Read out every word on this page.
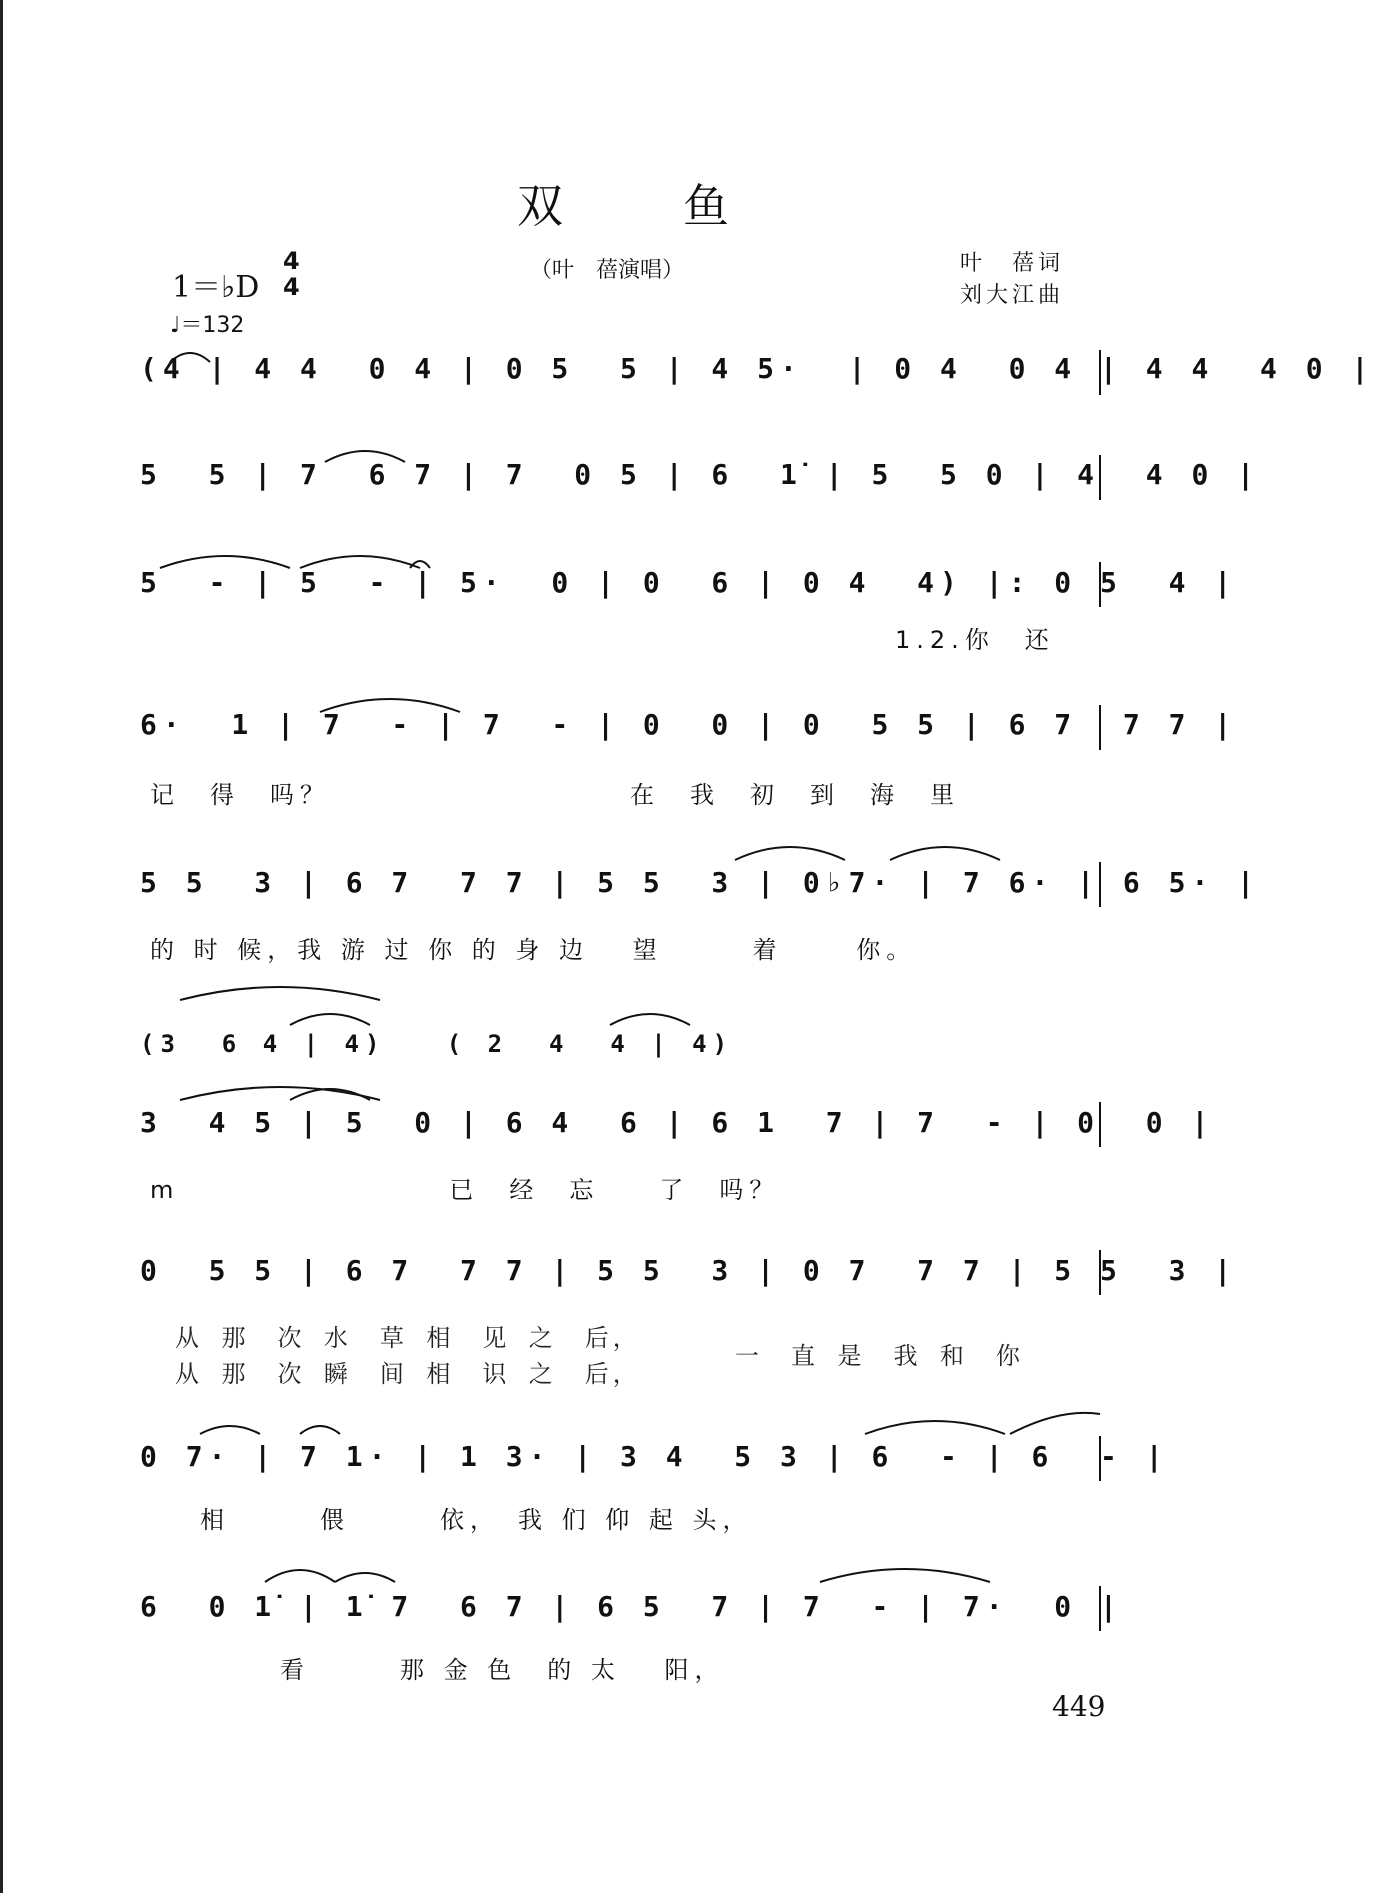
双鱼
（叶　蓓演唱）	叶　蓓词
刘大江曲
1＝♭D
4
4
♩＝132
(4 | 4 4  0 4 | 0 5  5 | 4 5·  | 0 4  0 4 | 4 4  4 0 |
5  5 | 7  6 7 | 7  0 5 | 6  1̇ | 5  5 0 | 4  4 0 |
5  - | 5  - | 5·  0 | 0  6 | 0 4  4) |: 0 5  4 |
1.2.你　还
6·  1 | 7  - | 7  - | 0  0 | 0  5 5 | 6 7  7 7 |
记　得　吗？　　　　　　　　　　在　我　初　到　海　里
5 5  3 | 6 7  7 7 | 5 5  3 | 0♭7· | 7 6· | 6 5· |
的 时 候，我 游 过 你 的 身 边　 望　　　着　　 你。
(3  6 4 | 4)   ( 2  4  4 | 4)
3  4 5 | 5  0 | 6 4  6 | 6 1  7 | 7  - | 0  0 |
m　　　　　　　　　已　经　忘　　了　吗？
0  5 5 | 6 7  7 7 | 5 5  3 | 0 7  7 7 | 5 5  3 |
从 那　次 水　草 相　见 之　后，
从 那　次 瞬　间 相　识 之　后，
一　直 是　我 和　你
0 7· | 7 1· | 1 3· | 3 4  5 3 | 6  - | 6  - |
相　　　偎　　　依，　我 们 仰 起 头，
6  0 1̇ | 1̇ 7  6 7 | 6 5  7 | 7  - | 7·  0 |
看　　　那 金 色　的 太　 阳，
449
